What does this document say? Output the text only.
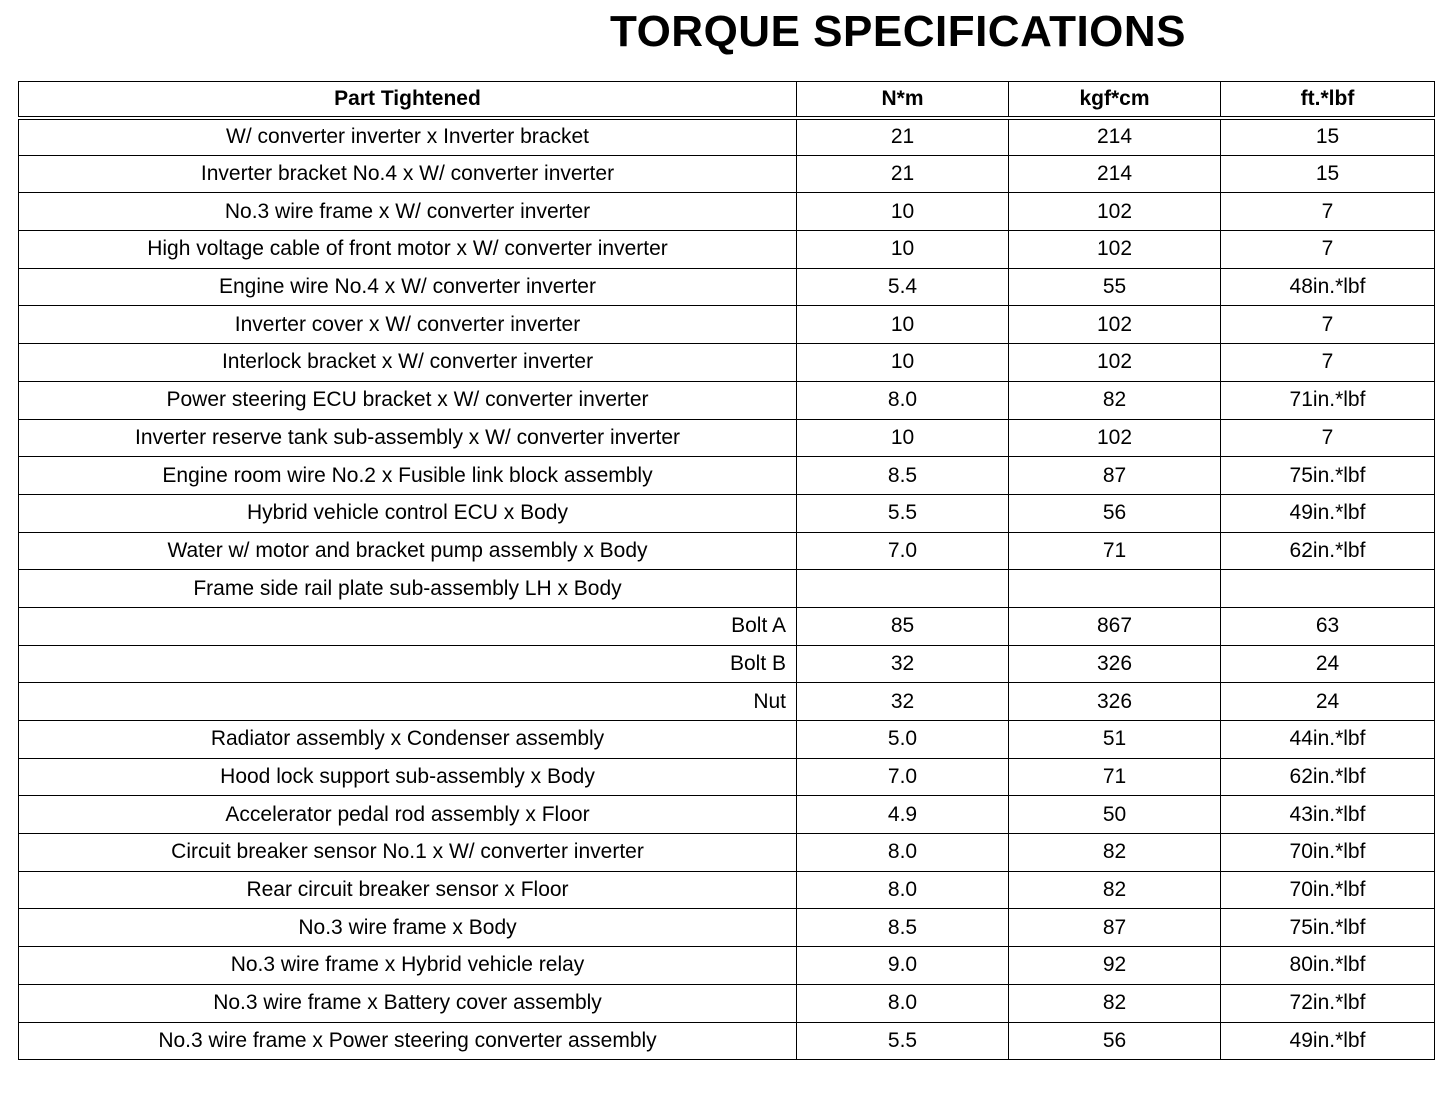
TORQUE SPECIFICATIONS
Part Tightened	N*m	kgf*cm	ft.*lbf
W/ converter inverter x Inverter bracket	21	214	15
Inverter bracket No.4 x W/ converter inverter	21	214	15
No.3 wire frame x W/ converter inverter	10	102	7
High voltage cable of front motor x W/ converter inverter	10	102	7
Engine wire No.4 x W/ converter inverter	5.4	55	48in.*lbf
Inverter cover x W/ converter inverter	10	102	7
Interlock bracket x W/ converter inverter	10	102	7
Power steering ECU bracket x W/ converter inverter	8.0	82	71in.*lbf
Inverter reserve tank sub-assembly x W/ converter inverter	10	102	7
Engine room wire No.2 x Fusible link block assembly	8.5	87	75in.*lbf
Hybrid vehicle control ECU x Body	5.5	56	49in.*lbf
Water w/ motor and bracket pump assembly x Body	7.0	71	62in.*lbf
Frame side rail plate sub-assembly LH x Body			
Bolt A	85	867	63
Bolt B	32	326	24
Nut	32	326	24
Radiator assembly x Condenser assembly	5.0	51	44in.*lbf
Hood lock support sub-assembly x Body	7.0	71	62in.*lbf
Accelerator pedal rod assembly x Floor	4.9	50	43in.*lbf
Circuit breaker sensor No.1 x W/ converter inverter	8.0	82	70in.*lbf
Rear circuit breaker sensor x Floor	8.0	82	70in.*lbf
No.3 wire frame x Body	8.5	87	75in.*lbf
No.3 wire frame x Hybrid vehicle relay	9.0	92	80in.*lbf
No.3 wire frame x Battery cover assembly	8.0	82	72in.*lbf
No.3 wire frame x Power steering converter assembly	5.5	56	49in.*lbf
